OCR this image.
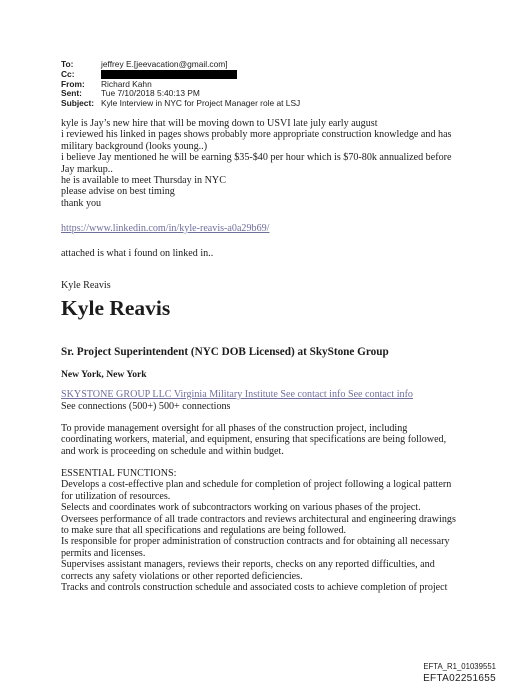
To:	jeffrey E.[jeevacation@gmail.com]
Cc:
From:	Richard Kahn
Sent:	Tue 7/10/2018 5:40:13 PM
Subject: Kyle Interview in NYC for Project Manager role at LSJ
kyle is Jay’s new hire that will be moving down to USVI late july early august
i reviewed his linked in pages shows probably more appropriate construction knowledge and has
military background (looks young..)
i believe Jay mentioned he will be earning $35-$40 per hour which is $70-80k annualized before
Jay markup..
he is available to meet Thursday in NYC
please advise on best timing
thank you
https://www.linkedin.com/in/kyle-reavis-a0a29b69/
attached is what i found on linked in..
Kyle Reavis
Kyle Reavis
Sr. Project Superintendent (NYC DOB Licensed) at SkyStone Group
New York, New York
SKYSTONE GROUP LLC Virginia Military Institute See contact info See contact info
See connections (500+) 500+ connections
To provide management oversight for all phases of the construction project, including
coordinating workers, material, and equipment, ensuring that specifications are being followed,
and work is proceeding on schedule and within budget.
ESSENTIAL FUNCTIONS:
Develops a cost-effective plan and schedule for completion of project following a logical pattern
for utilization of resources.
Selects and coordinates work of subcontractors working on various phases of the project.
Oversees performance of all trade contractors and reviews architectural and engineering drawings
to make sure that all specifications and regulations are being followed.
Is responsible for proper administration of construction contracts and for obtaining all necessary
permits and licenses.
Supervises assistant managers, reviews their reports, checks on any reported difficulties, and
corrects any safety violations or other reported deficiencies.
Tracks and controls construction schedule and associated costs to achieve completion of project
EFTA_R1_01039551
EFTA02251655
